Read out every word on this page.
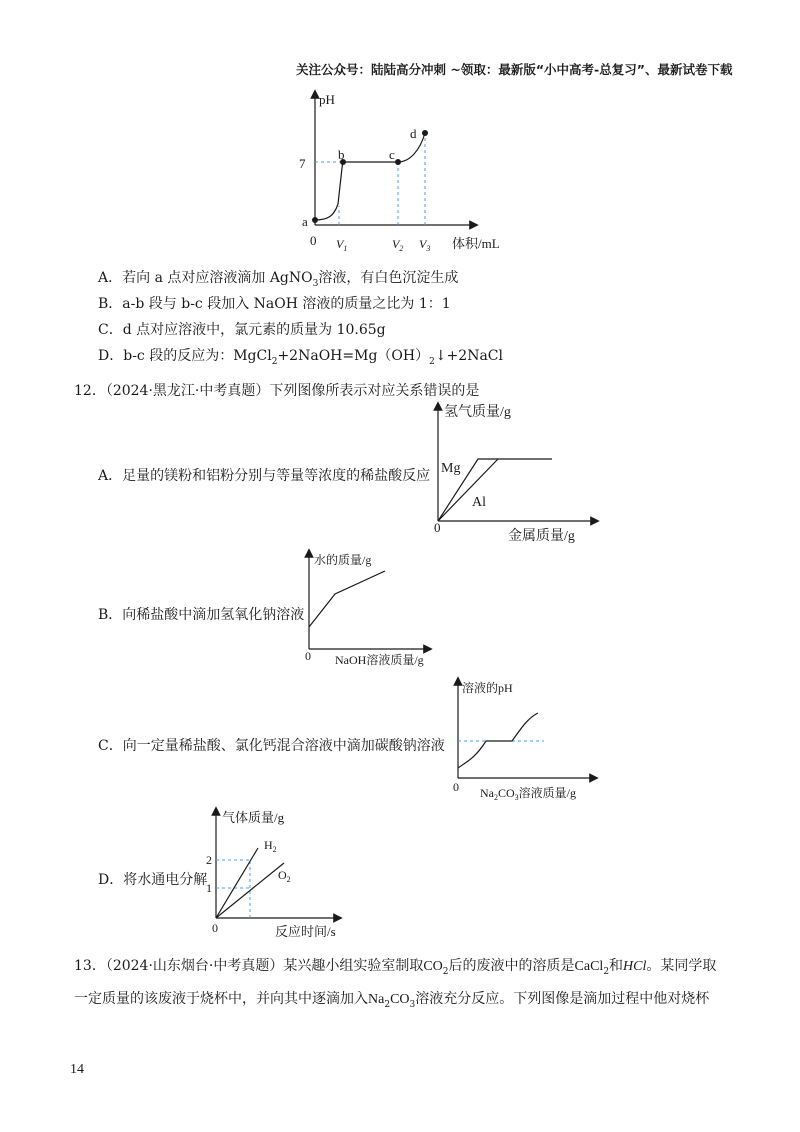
关注公众号：陆陆高分冲刺 ~领取：最新版“小中高考-总复习”、最新试卷下载
pH
7
0	体积/mL
$V_1$	$V_2$ $V_3$
a
b	c
d
A．若向 a 点对应溶液滴加 AgNO$_3$溶液，有白色沉淀生成
B．a-b 段与 b-c 段加入 NaOH 溶液的质量之比为 1：1
C．d 点对应溶液中，氯元素的质量为 10.65g
D．b-c 段的反应为：$MgCl_2+2NaOH=Mg(OH)_2↓+2NaCl$
12．（2024·黑龙江·中考真题）下列图像所表示对应关系错误的是
A．足量的镁粉和铝粉分别与等量等浓度的稀盐酸反应
氢气质量/g
0
金属质量/g
Mg
Al
B．向稀盐酸中滴加氢氧化钠溶液
水的质量/g
0 NaOH溶液质量/g
C．向一定量稀盐酸、氯化钙混合溶液中滴加碳酸钠溶液
溶液的pH
0 $Na_2CO_3$溶液质量/g
D．将水通电分解
气体质量/g
0	反应时间/s
2
1
$H_2$
$O_2$
13．（2024·山东烟台·中考真题）某兴趣小组实验室制取$CO_2$后的废液中的溶质是CaCl$_2$和HCl。某同学取
一定质量的该废液于烧杯中，并向其中逐滴加入$Na_2CO_3$溶液充分反应。下列图像是滴加过程中他对烧杯
14
